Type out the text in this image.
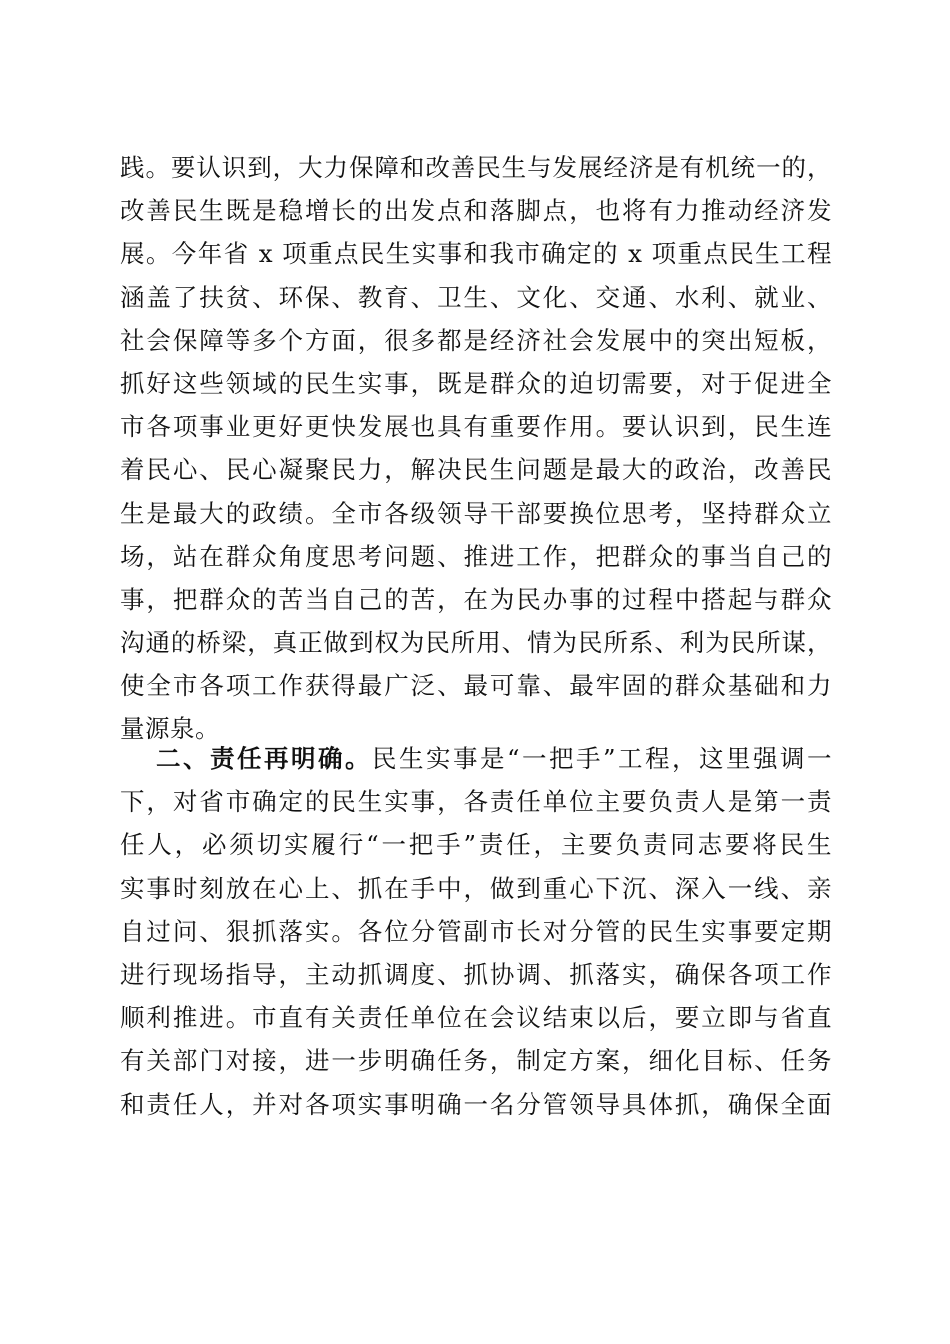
践。要认识到，大力保障和改善民生与发展经济是有机统一的，
改善民生既是稳增长的出发点和落脚点，也将有力推动经济发
展。今年省 x 项重点民生实事和我市确定的 x 项重点民生工程
涵盖了扶贫、环保、教育、卫生、文化、交通、水利、就业、
社会保障等多个方面，很多都是经济社会发展中的突出短板，
抓好这些领域的民生实事，既是群众的迫切需要，对于促进全
市各项事业更好更快发展也具有重要作用。要认识到，民生连
着民心、民心凝聚民力，解决民生问题是最大的政治，改善民
生是最大的政绩。全市各级领导干部要换位思考，坚持群众立
场，站在群众角度思考问题、推进工作，把群众的事当自己的
事，把群众的苦当自己的苦，在为民办事的过程中搭起与群众
沟通的桥梁，真正做到权为民所用、情为民所系、利为民所谋，
使全市各项工作获得最广泛、最可靠、最牢固的群众基础和力
量源泉。
二、责任再明确。民生实事是“一把手”工程，这里强调一
下，对省市确定的民生实事，各责任单位主要负责人是第一责
任人，必须切实履行“一把手”责任，主要负责同志要将民生
实事时刻放在心上、抓在手中，做到重心下沉、深入一线、亲
自过问、狠抓落实。各位分管副市长对分管的民生实事要定期
进行现场指导，主动抓调度、抓协调、抓落实，确保各项工作
顺利推进。市直有关责任单位在会议结束以后，要立即与省直
有关部门对接，进一步明确任务，制定方案，细化目标、任务
和责任人，并对各项实事明确一名分管领导具体抓，确保全面
